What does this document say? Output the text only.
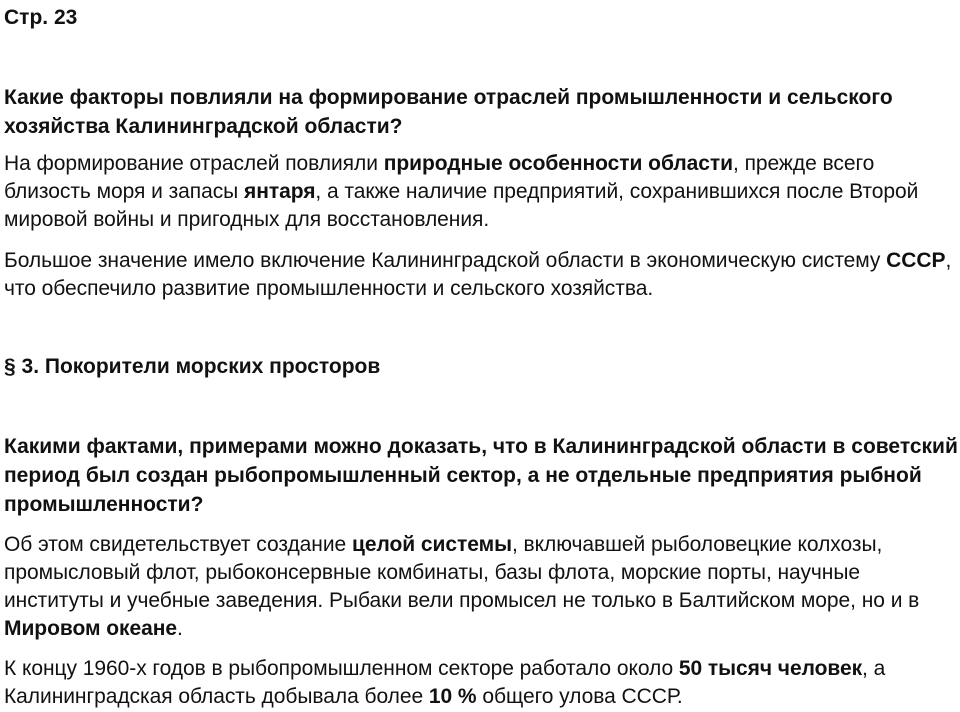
Стр. 23

Какие факторы повлияли на формирование отраслей промышленности и сельского хозяйства Калининградской области?

На формирование отраслей повлияли природные особенности области, прежде всего близость моря и запасы янтаря, а также наличие предприятий, сохранившихся после Второй мировой войны и пригодных для восстановления.

Большое значение имело включение Калининградской области в экономическую систему СССР, что обеспечило развитие промышленности и сельского хозяйства.

§ 3. Покорители морских просторов

Какими фактами, примерами можно доказать, что в Калининградской области в советский период был создан рыбопромышленный сектор, а не отдельные предприятия рыбной промышленности?

Об этом свидетельствует создание целой системы, включавшей рыболовецкие колхозы, промысловый флот, рыбоконсервные комбинаты, базы флота, морские порты, научные институты и учебные заведения. Рыбаки вели промысел не только в Балтийском море, но и в Мировом океане.

К концу 1960-х годов в рыбопромышленном секторе работало около 50 тысяч человек, а Калининградская область добывала более 10 % общего улова СССР.
